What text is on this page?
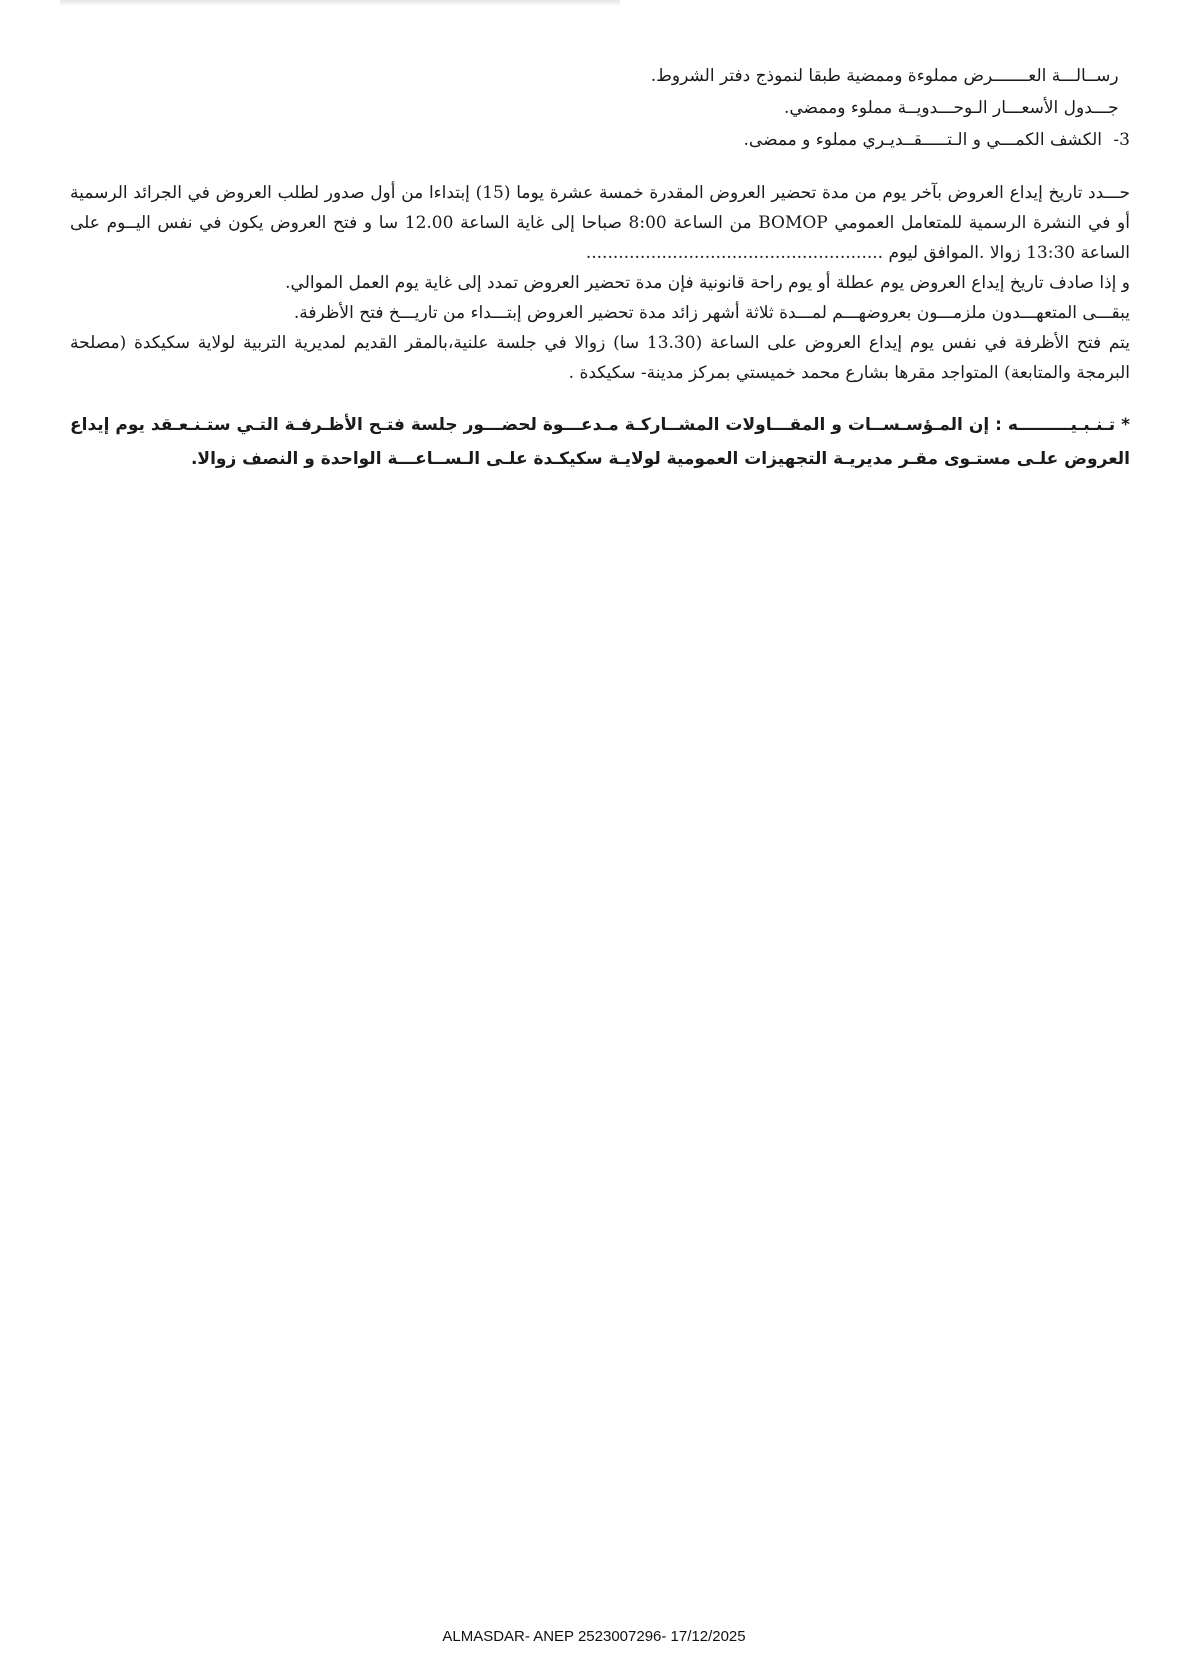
رســالـــة العـــــــرض مملوءة وممضية طبقا لنموذج دفتر الشروط.
جـــدول الأسعـــار الـوحـــدويــة مملوء وممضي.
3- الكشف الكمـــي و الـتـــــقــديـري مملوء و ممضى.

حـــدد تاريخ إيداع العروض بآخر يوم من مدة تحضير العروض المقدرة خمسة عشرة يوما (15) إبتداءا من أول صدور لطلب العروض في الجرائد الرسمية أو في النشرة الرسمية للمتعامل العمومي BOMOP من الساعة 8:00 صباحا إلى غاية الساعة 12.00 سا و فتح العروض يكون في نفس اليــوم على الساعة 13:30 زوالا .الموافق ليوم .......................................................

و إذا صادف تاريخ إيداع العروض يوم عطلة أو يوم راحة قانونية فإن مدة تحضير العروض تمدد إلى غاية يوم العمل الموالي.

يبقـــى المتعهـــدون ملزمـــون بعروضهـــم لمـــدة ثلاثة أشهر زائد مدة تحضير العروض إبتـــداء من تاريـــخ فتح الأظرفة.

يتم فتح الأظرفة في نفس يوم إيداع العروض على الساعة (13.30 سا) زوالا في جلسة علنية،بالمقر القديم لمديرية التربية لولاية سكيكدة (مصلحة البرمجة والمتابعة) المتواجد مقرها بشارع محمد خميستي بمركز مدينة- سكيكدة .

* تـنـبـيـــــــــه : إن المـؤسـســات و المقـــاولات المشــاركـة مـدعـــوة لحضـــور جلسة فتـح الأظـرفـة التـي ستـنـعـقد يوم إيداع العروض علـى مستـوى مقـر مديريـة التجهيزات العمومية لولايـة سكيكـدة علـى الـســاعـــة الواحدة و النصف زوالا.

ALMASDAR- ANEP 2523007296- 17/12/2025
